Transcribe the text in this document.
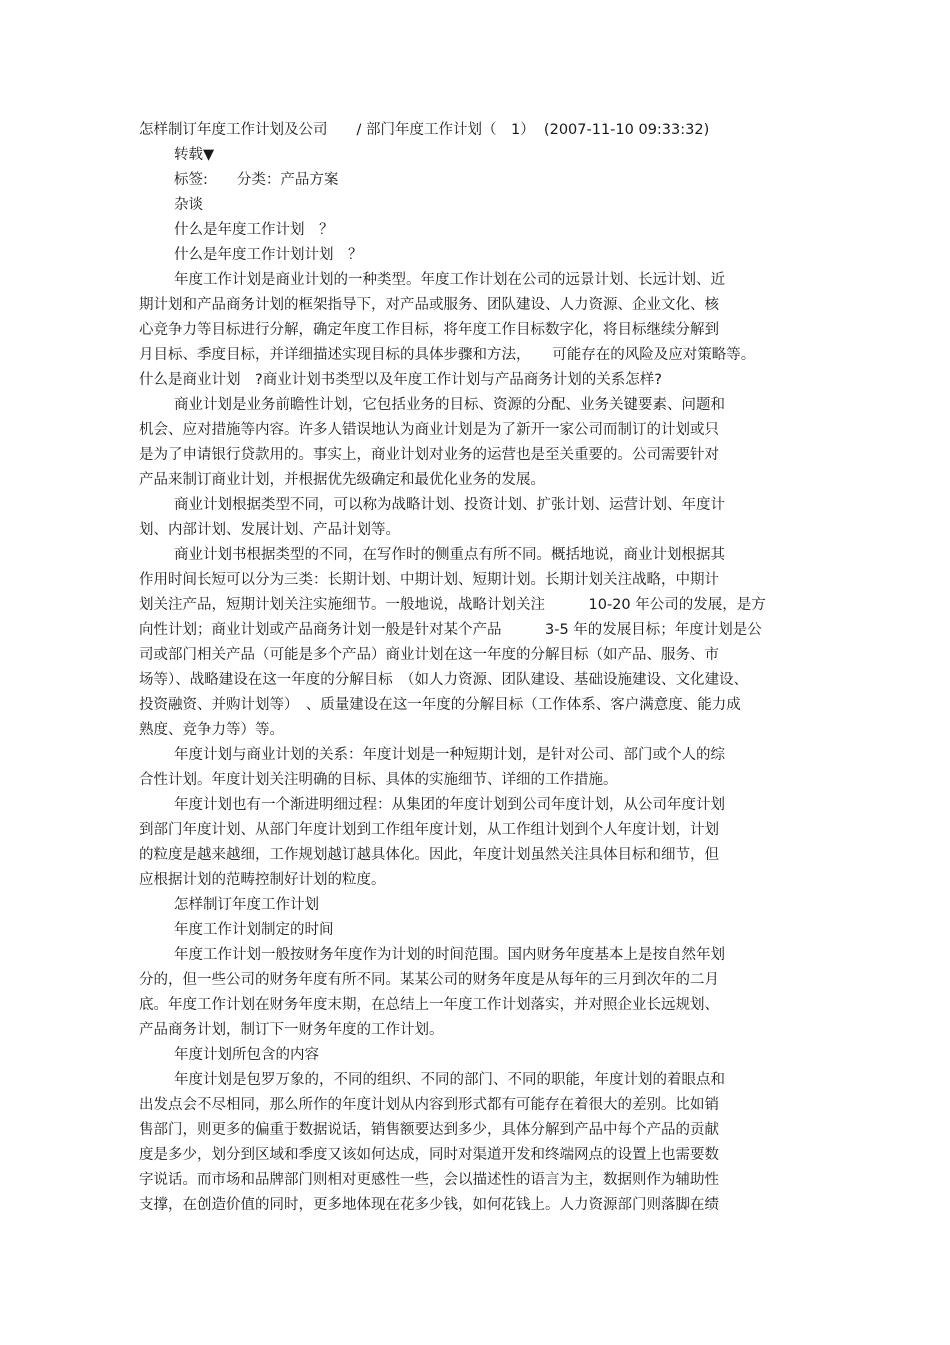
怎样制订年度工作计划及公司　　/ 部门年度工作计划（　1）  (2007-11-10 09:33:32)

转载▼

标签:　　分类：产品方案

杂谈

什么是年度工作计划　？

什么是年度工作计划计划　？

年度工作计划是商业计划的一种类型。年度工作计划在公司的远景计划、长远计划、近

期计划和产品商务计划的框架指导下，对产品或服务、团队建设、人力资源、企业文化、核

心竞争力等目标进行分解，确定年度工作目标，将年度工作目标数字化，将目标继续分解到

月目标、季度目标，并详细描述实现目标的具体步骤和方法，　　可能存在的风险及应对策略等。

什么是商业计划　?商业计划书类型以及年度工作计划与产品商务计划的关系怎样?

商业计划是业务前瞻性计划，它包括业务的目标、资源的分配、业务关键要素、问题和

机会、应对措施等内容。许多人错误地认为商业计划是为了新开一家公司而制订的计划或只

是为了申请银行贷款用的。事实上，商业计划对业务的运营也是至关重要的。公司需要针对

产品来制订商业计划，并根据优先级确定和最优化业务的发展。

商业计划根据类型不同，可以称为战略计划、投资计划、扩张计划、运营计划、年度计

划、内部计划、发展计划、产品计划等。

商业计划书根据类型的不同，在写作时的侧重点有所不同。概括地说，商业计划根据其

作用时间长短可以分为三类：长期计划、中期计划、短期计划。长期计划关注战略，中期计

划关注产品，短期计划关注实施细节。一般地说，战略计划关注　　　10-20 年公司的发展，是方

向性计划；商业计划或产品商务计划一般是针对某个产品　　　3-5 年的发展目标；年度计划是公

司或部门相关产品（可能是多个产品）商业计划在这一年度的分解目标（如产品、服务、市

场等）、战略建设在这一年度的分解目标　（如人力资源、团队建设、基础设施建设、文化建设、

投资融资、并购计划等）　、质量建设在这一年度的分解目标（工作体系、客户满意度、能力成

熟度、竞争力等）等。

年度计划与商业计划的关系：年度计划是一种短期计划，是针对公司、部门或个人的综

合性计划。年度计划关注明确的目标、具体的实施细节、详细的工作措施。

年度计划也有一个渐进明细过程：从集团的年度计划到公司年度计划，从公司年度计划

到部门年度计划、从部门年度计划到工作组年度计划，从工作组计划到个人年度计划，计划

的粒度是越来越细，工作规划越订越具体化。因此，年度计划虽然关注具体目标和细节，但

应根据计划的范畴控制好计划的粒度。

怎样制订年度工作计划

年度工作计划制定的时间

年度工作计划一般按财务年度作为计划的时间范围。国内财务年度基本上是按自然年划

分的，但一些公司的财务年度有所不同。某某公司的财务年度是从每年的三月到次年的二月

底。年度工作计划在财务年度末期，在总结上一年度工作计划落实，并对照企业长远规划、

产品商务计划，制订下一财务年度的工作计划。

年度计划所包含的内容

年度计划是包罗万象的，不同的组织、不同的部门、不同的职能，年度计划的着眼点和

出发点会不尽相同，那么所作的年度计划从内容到形式都有可能存在着很大的差别。比如销

售部门，则更多的偏重于数据说话，销售额要达到多少，具体分解到产品中每个产品的贡献

度是多少，划分到区域和季度又该如何达成，同时对渠道开发和终端网点的设置上也需要数

字说话。而市场和品牌部门则相对更感性一些，会以描述性的语言为主，数据则作为辅助性

支撑，在创造价值的同时，更多地体现在花多少钱，如何花钱上。人力资源部门则落脚在绩
